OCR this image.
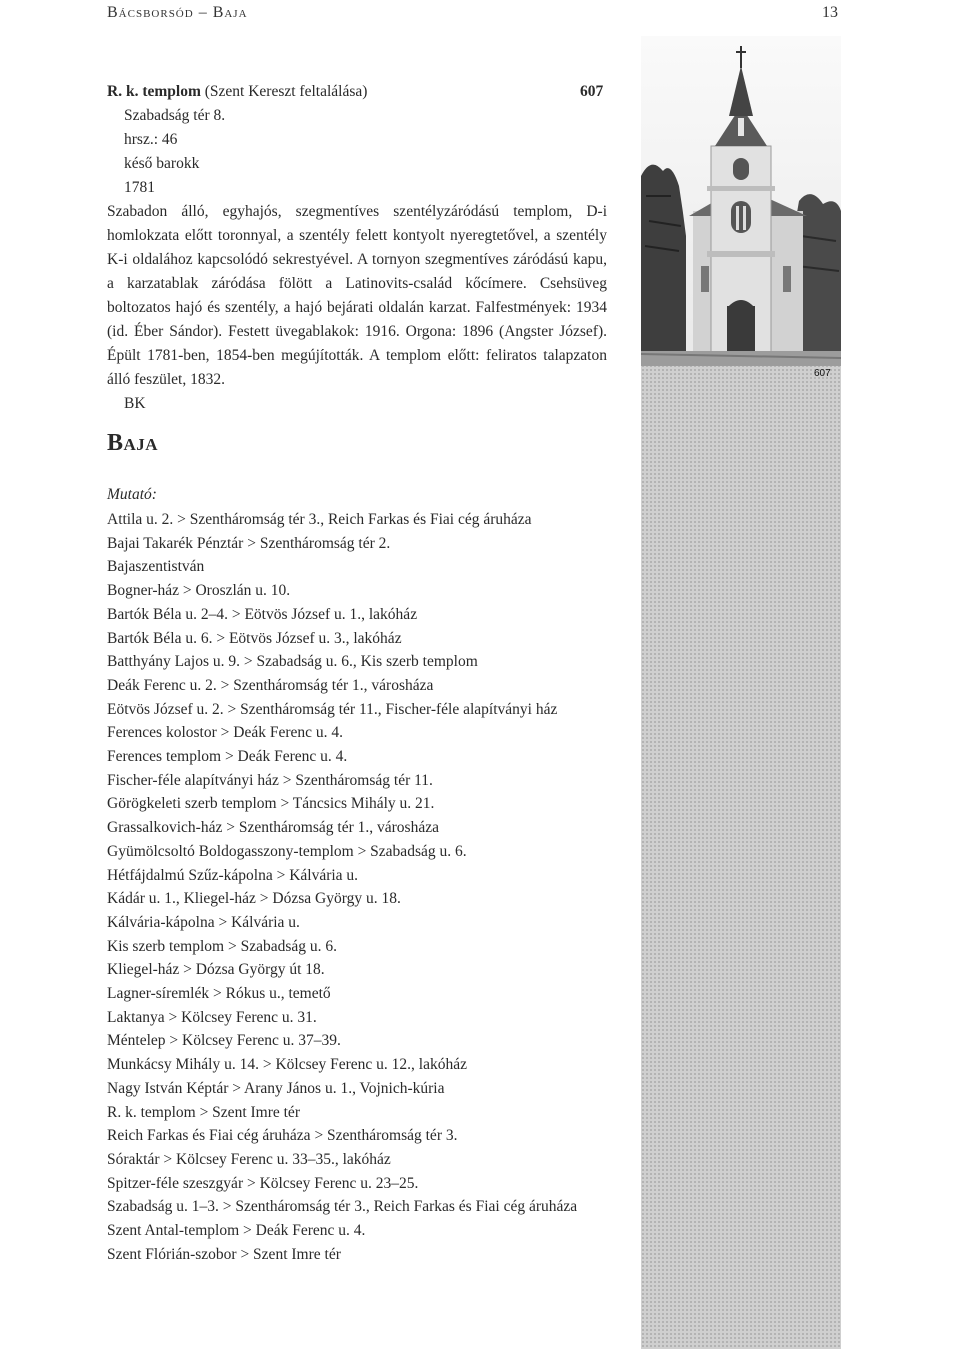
Bácsborsód – Baja	13
607
R. k. templom (Szent Kereszt feltalálása)	607
Szabadság tér 8.
hrsz.: 46
késő barokk
1781
Szabadon álló, egyhajós, szegmentíves szentélyzáródású templom, D-i homlokzata előtt toronnyal, a szentély felett kontyolt nyeregtetővel, a szentély K-i oldalához kapcsolódó sekrestyével. A tornyon szegmentíves záródású kapu, a karzatablak záródása fölött a Latinovits-család kőcímere. Csehsüveg boltozatos hajó és szentély, a hajó bejárati oldalán karzat. Falfestmények: 1934 (id. Éber Sándor). Festett üvegablakok: 1916. Orgona: 1896 (Angster József). Épült 1781-ben, 1854-ben megújították. A templom előtt: feliratos talapzaton álló feszület, 1832.
BK
Baja
Mutató:
Attila u. 2. > Szentháromság tér 3., Reich Farkas és Fiai cég áruháza
Bajai Takarék Pénztár > Szentháromság tér 2.
Bajaszentistván
Bogner-ház > Oroszlán u. 10.
Bartók Béla u. 2–4. > Eötvös József u. 1., lakóház
Bartók Béla u. 6. > Eötvös József u. 3., lakóház
Batthyány Lajos u. 9. > Szabadság u. 6., Kis szerb templom
Deák Ferenc u. 2. > Szentháromság tér 1., városháza
Eötvös József u. 2. > Szentháromság tér 11., Fischer-féle alapítványi ház
Ferences kolostor > Deák Ferenc u. 4.
Ferences templom > Deák Ferenc u. 4.
Fischer-féle alapítványi ház > Szentháromság tér 11.
Görögkeleti szerb templom > Táncsics Mihály u. 21.
Grassalkovich-ház > Szentháromság tér 1., városháza
Gyümölcsoltó Boldogasszony-templom > Szabadság u. 6.
Hétfájdalmú Szűz-kápolna > Kálvária u.
Kádár u. 1., Kliegel-ház > Dózsa György u. 18.
Kálvária-kápolna > Kálvária u.
Kis szerb templom > Szabadság u. 6.
Kliegel-ház > Dózsa György út 18.
Lagner-síremlék > Rókus u., temető
Laktanya > Kölcsey Ferenc u. 31.
Méntelep > Kölcsey Ferenc u. 37–39.
Munkácsy Mihály u. 14. > Kölcsey Ferenc u. 12., lakóház
Nagy István Képtár > Arany János u. 1., Vojnich-kúria
R. k. templom > Szent Imre tér
Reich Farkas és Fiai cég áruháza > Szentháromság tér 3.
Sóraktár > Kölcsey Ferenc u. 33–35., lakóház
Spitzer-féle szeszgyár > Kölcsey Ferenc u. 23–25.
Szabadság u. 1–3. > Szentháromság tér 3., Reich Farkas és Fiai cég áruháza
Szent Antal-templom > Deák Ferenc u. 4.
Szent Flórián-szobor > Szent Imre tér
